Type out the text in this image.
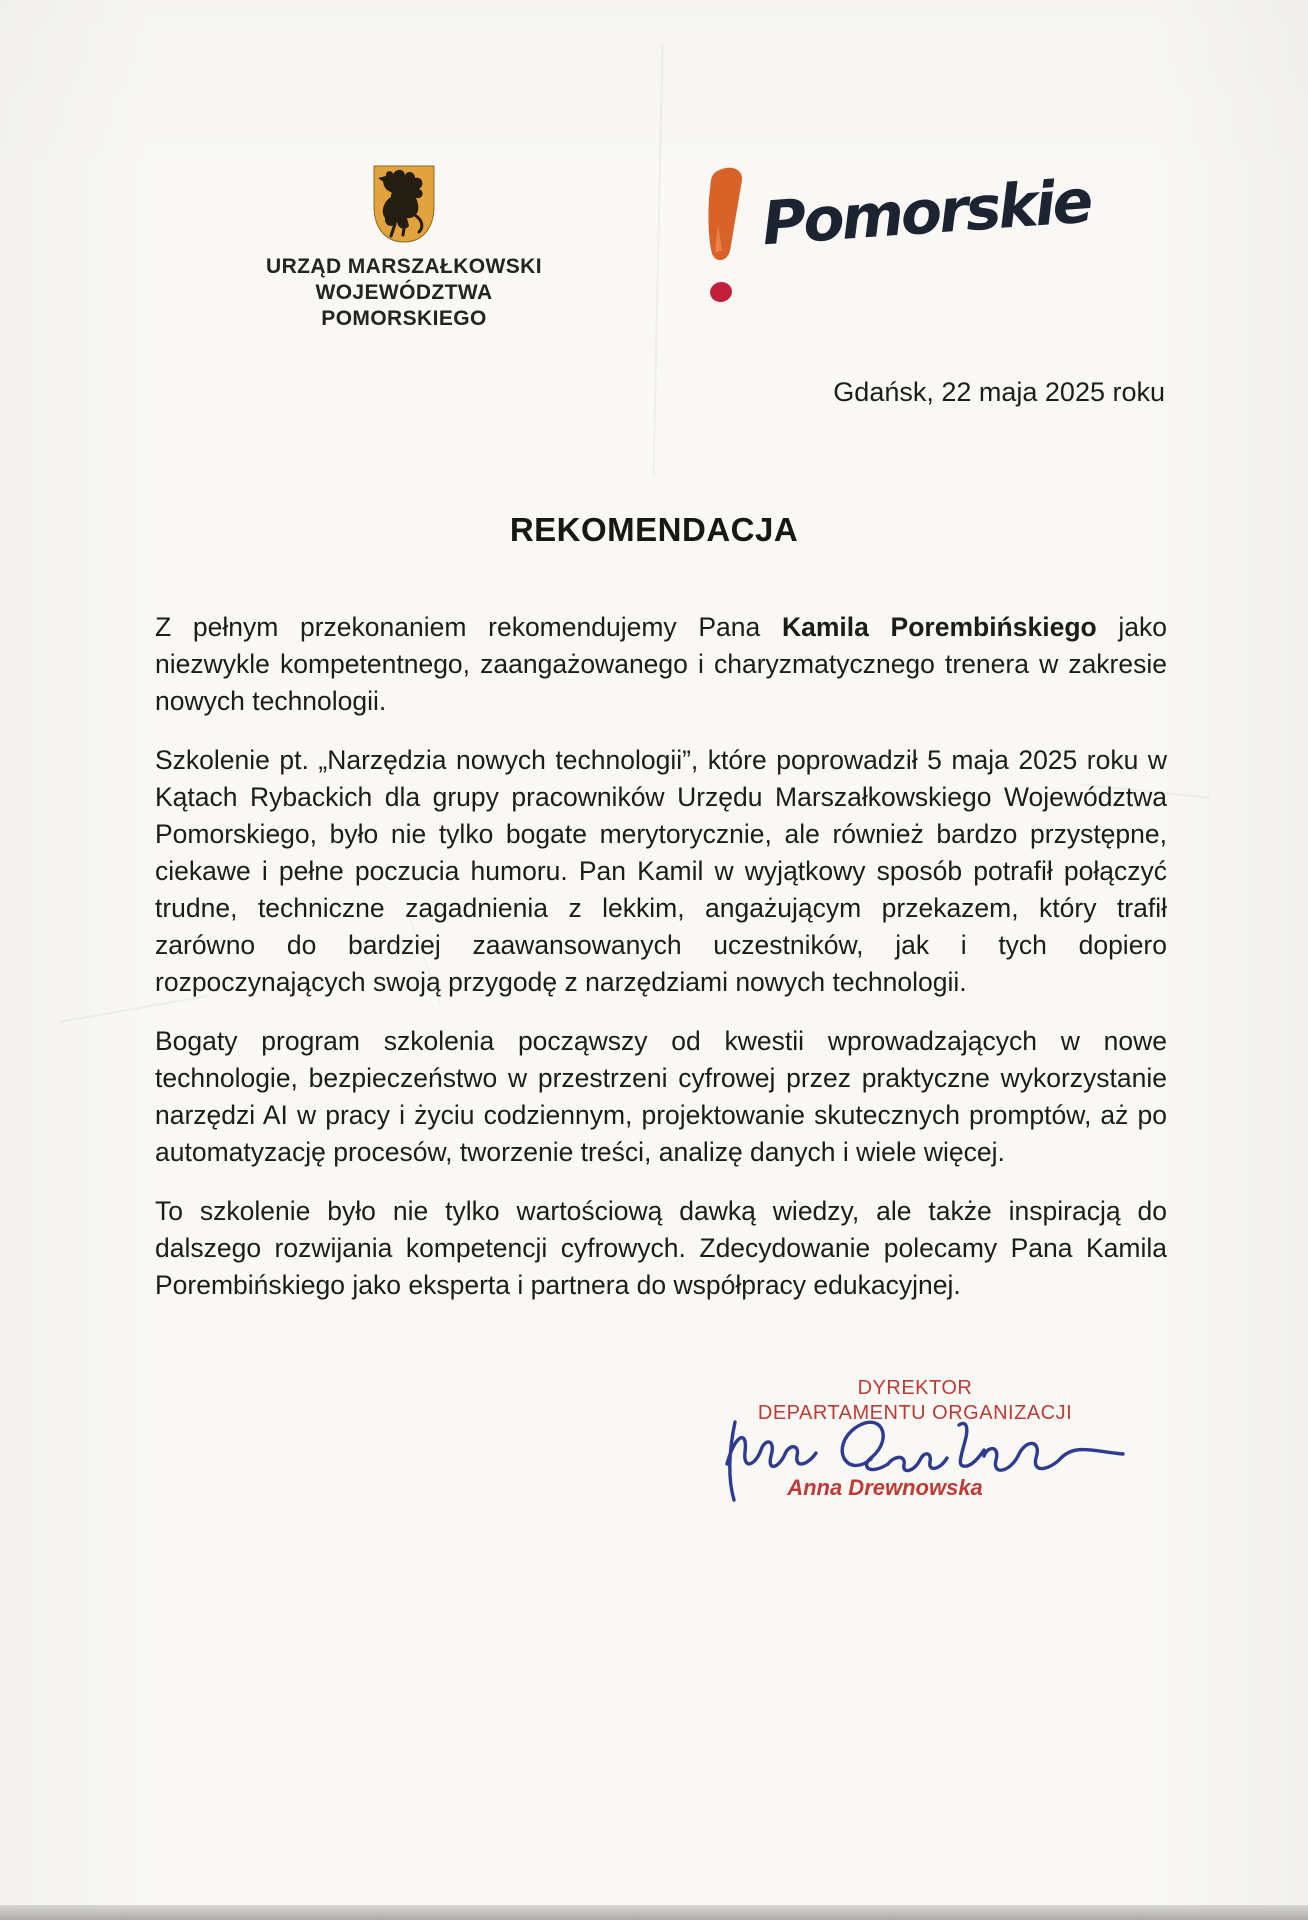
URZĄD MARSZAŁKOWSKI
WOJEWÓDZTWA POMORSKIEGO
Pomorskie
Gdańsk, 22 maja 2025 roku
REKOMENDACJA

Z pełnym przekonaniem rekomendujemy Pana Kamila Porembińskiego jako niezwykle kompetentnego, zaangażowanego i charyzmatycznego trenera w zakresie nowych technologii.

Szkolenie pt. „Narzędzia nowych technologii”, które poprowadził 5 maja 2025 roku w Kątach Rybackich dla grupy pracowników Urzędu Marszałkowskiego Województwa Pomorskiego, było nie tylko bogate merytorycznie, ale również bardzo przystępne, ciekawe i pełne poczucia humoru. Pan Kamil w wyjątkowy sposób potrafił połączyć trudne, techniczne zagadnienia z lekkim, angażującym przekazem, który trafił zarówno do bardziej zaawansowanych uczestników, jak i tych dopiero rozpoczynających swoją przygodę z narzędziami nowych technologii.

Bogaty program szkolenia począwszy od kwestii wprowadzających w nowe technologie, bezpieczeństwo w przestrzeni cyfrowej przez praktyczne wykorzystanie narzędzi AI w pracy i życiu codziennym, projektowanie skutecznych promptów, aż po automatyzację procesów, tworzenie treści, analizę danych i wiele więcej.

To szkolenie było nie tylko wartościową dawką wiedzy, ale także inspiracją do dalszego rozwijania kompetencji cyfrowych. Zdecydowanie polecamy Pana Kamila Porembińskiego jako eksperta i partnera do współpracy edukacyjnej.

DYREKTOR
DEPARTAMENTU ORGANIZACJI
Anna Drewnowska
